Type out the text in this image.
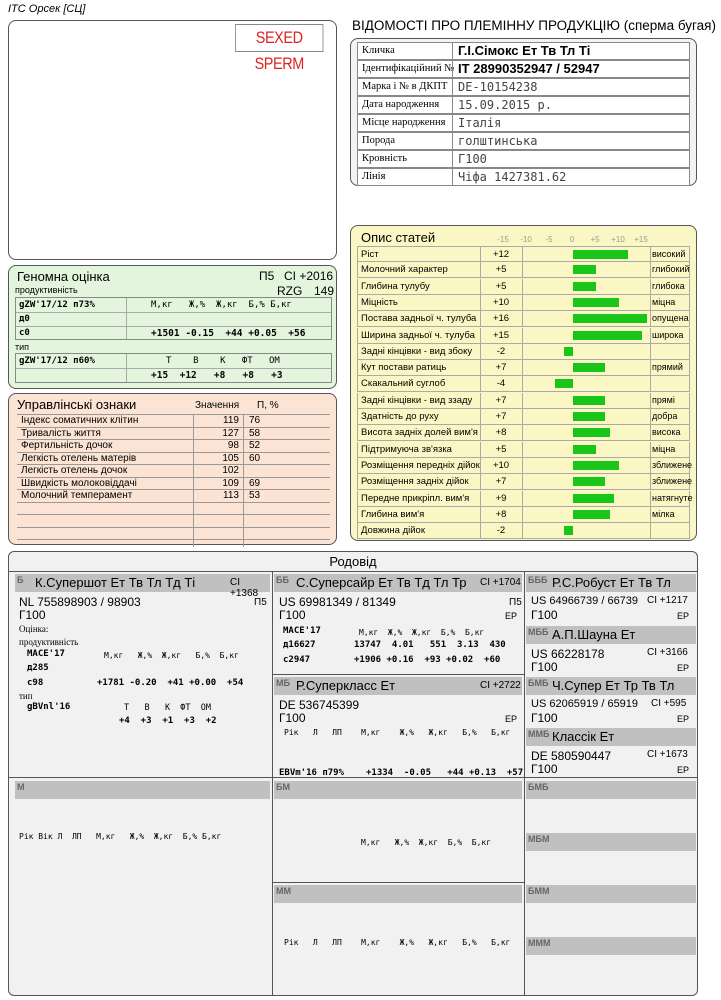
ІТС Орсек [СЦ]
ВІДОМОСТІ ПРО ПЛЕМІННУ ПРОДУКЦІЮ (сперма бугая)
SEXED SPERM
Кличка	Г.І.Сімокс Ет Тв Тл Ті
Ідентифікаційний № IT 28990352947 / 52947
Марка і № в ДКПТ DE-10154238
Дата народження 15.09.2015 р.
Місце народження Італія
Порода	голштинська
Кровність	Г100
Лінія	Чіфа 1427381.62
Геномна оцінка	П5 CI +2016
RZG 149
продуктивність
gZW'17/12 п73%	М,кг   Ж,%  Ж,кг  Б,% Б,кг
д0
с0	+1501 -0.15  +44 +0.05  +56
тип
gZW'17/12 п60%	Т    В    К   ФТ   ОМ
+15  +12   +8   +8   +3
Управлінські ознаки	Значення П, %
Індекс соматичних клітин	119 76
Тривалість життя	127 58
Фертильність дочок	98 52
Легкість отелень матерів	105 60
Легкість отелень дочок	102
Швидкість молоковіддачі	109 69
Молочний темперамент	113 53
Опис статей	-15	-10	-5	0	+5	+10	+15
Ріст	+12	високий
Молочний характер	+5	глибокий
Глибина тулубу	+5	глибока
Міцність	+10	міцна
Постава задньої ч. тулуба	+16	опущена
Ширина задньої ч. тулуба	+15	широка
Задні кінцівки - вид збоку	-2
Кут постави ратиць	+7	прямий
Скакальний суглоб	-4
Задні кінцівки - вид ззаду	+7	прямі
Здатність до руху	+7	добра
Висота задніх долей вим'я	+8	висока
Підтримуюча зв'язка	+5	міцна
Розміщення передніх дійок	+10	зближене
Розміщення задніх дійок	+7	зближене
Передне прикріпл. вим'я	+9	натягнуте
Глибина вим'я	+8	мілка
Довжина дійок	-2
Родовід
Б К.Супершот Ет Тв Тл Тд Ті	CI +1368
NL 755898903 / 98903	П5
Г100
Оцінка:
продуктивність
MACE'17	М,кг   Ж,%  Ж,кг   Б,%  Б,кг
д285
с98	+1781 -0.20  +41 +0.00  +54
тип
gBVnl'16	Т   В   К  ФТ  ОМ
+4  +3  +1  +3  +2
ББ С.Суперсайр Ет Тв Тд Тл Тр CI +1704
US 69981349 / 81349	П5
Г100	ЕР
MACE'17	М,кг  Ж,%  Ж,кг  Б,%  Б,кг
д16627	13747  4.01   551  3.13  430
с2947	+1906 +0.16  +93 +0.02  +60
МБ Р.Суперкласс Ет	CI +2722
DE 536745399
Г100	ЕР
Рік   Л   ЛП    М,кг    Ж,%   Ж,кг   Б,%   Б,кг
EBVm'16 п79% +1334  -0.05   +44 +0.13  +57
БББ Р.С.Робуст Ет Тв Тл
US 64966739 / 66739 CI +1217
Г100	ЕР
МББ А.П.Шауна Ет
US 66228178	CI +3166
Г100	ЕР
БМБ Ч.Супер Ет Тр Тв Тл
US 62065919 / 65919 CI +595
Г100	ЕР
ММБ Классік Ет
DE 580590447	CI +1673
Г100	ЕР
М
Рік Вік Л  ЛП   М,кг   Ж,%  Ж,кг  Б,% Б,кг
БМ
М,кг   Ж,%  Ж,кг  Б,%  Б,кг
БМБ
МБМ
ММ
Рік   Л   ЛП    М,кг    Ж,%   Ж,кг   Б,%   Б,кг
БММ
МММ
